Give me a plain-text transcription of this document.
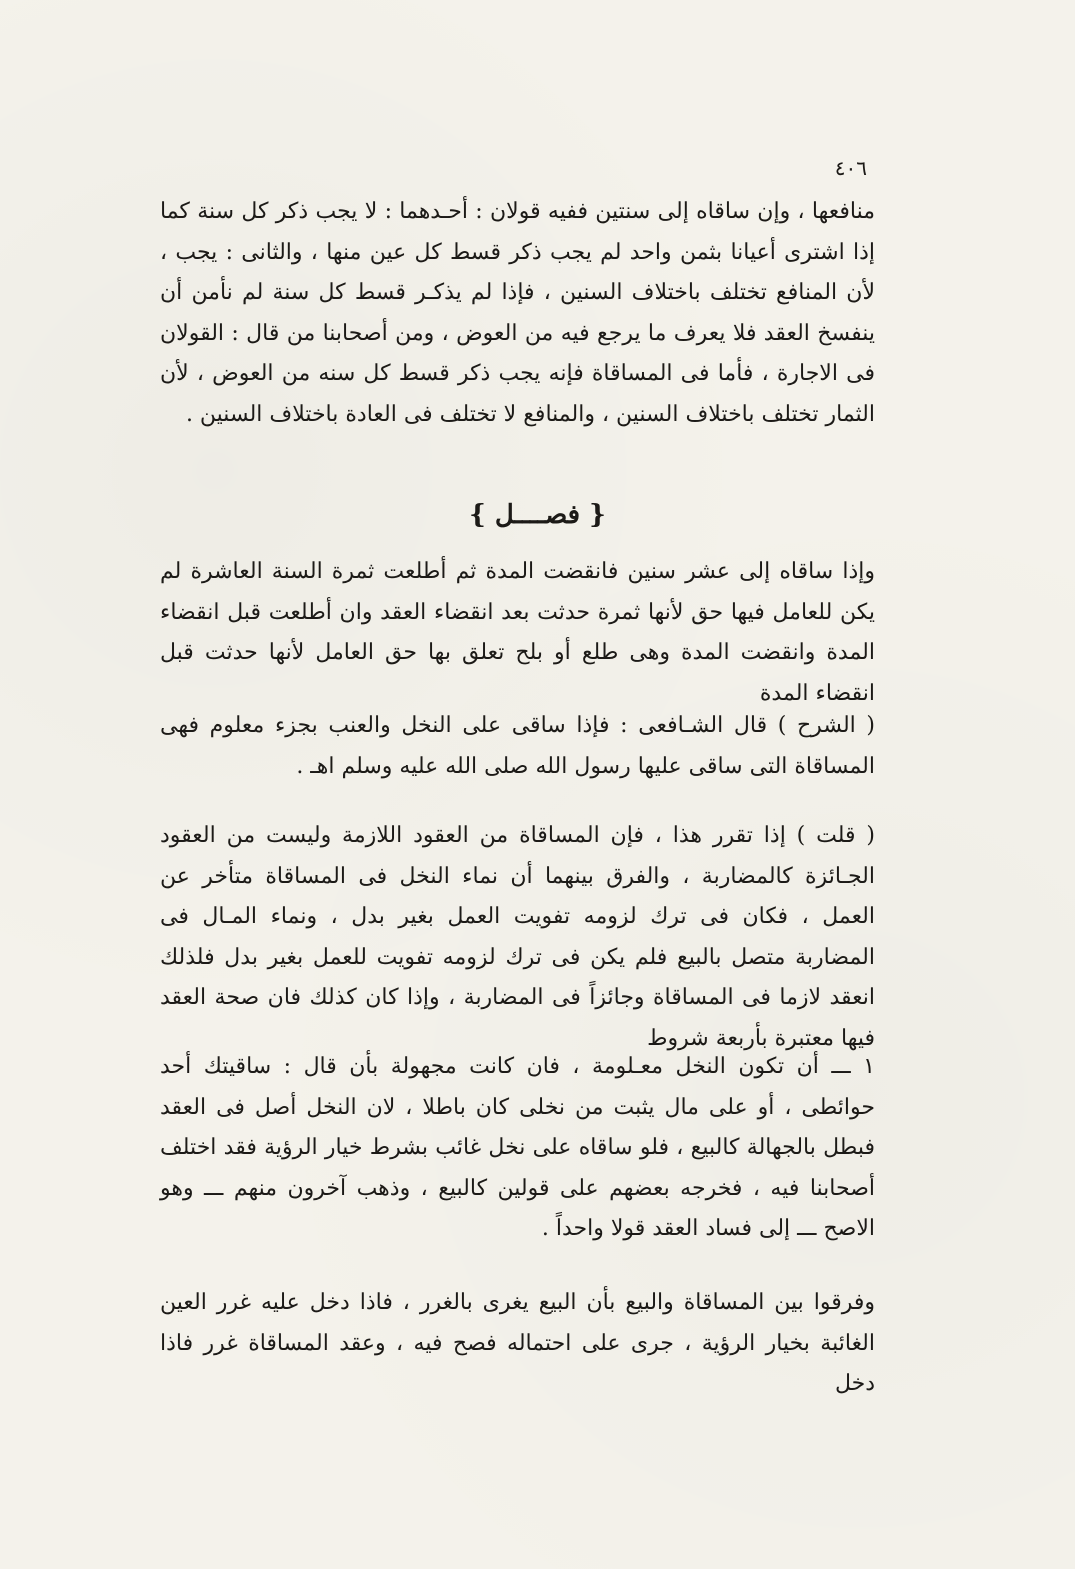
٤٠٦

منافعها ، وإن ساقاه إلى سنتين ففيه قولان : أحـدهما : لا يجب ذكر كل سنة كما إذا اشترى أعيانا بثمن واحد لم يجب ذكر قسط كل عين منها ، والثانى : يجب ، لأن المنافع تختلف باختلاف السنين ، فإذا لم يذكـر قسط كل سنة لم نأمن أن ينفسخ العقد فلا يعرف ما يرجع فيه من العوض ، ومن أصحابنا من قال : القولان فى الاجارة ، فأما فى المساقاة فإنه يجب ذكر قسط كل سنه من العوض ، لأن الثمار تختلف باختلاف السنين ، والمنافع لا تختلف فى العادة باختلاف السنين .

{ فصــــل }

وإذا ساقاه إلى عشر سنين فانقضت المدة ثم أطلعت ثمرة السنة العاشرة لم يكن للعامل فيها حق لأنها ثمرة حدثت بعد انقضاء العقد وان أطلعت قبل انقضاء المدة وانقضت المدة وهى طلع أو بلح تعلق بها حق العامل لأنها حدثت قبل انقضاء المدة

( الشرح ) قال الشـافعى : فإذا ساقى على النخل والعنب بجزء معلوم فهى المساقاة التى ساقى عليها رسول الله صلى الله عليه وسلم اهـ .

( قلت ) إذا تقرر هذا ، فإن المساقاة من العقود اللازمة وليست من العقود الجـائزة كالمضاربة ، والفرق بينهما أن نماء النخل فى المساقاة متأخر عن العمل ، فكان فى ترك لزومه تفويت العمل بغير بدل ، ونماء المـال فى المضاربة متصل بالبيع فلم يكن فى ترك لزومه تفويت للعمل بغير بدل فلذلك انعقد لازما فى المساقاة وجائزاً فى المضاربة ، وإذا كان كذلك فان صحة العقد فيها معتبرة بأربعة شروط

١ ـــ أن تكون النخل معـلومة ، فان كانت مجهولة بأن قال : ساقيتك أحد حوائطى ، أو على مال يثبت من نخلى كان باطلا ، لان النخل أصل فى العقد فبطل بالجهالة كالبيع ، فلو ساقاه على نخل غائب بشرط خيار الرؤية فقد اختلف أصحابنا فيه ، فخرجه بعضهم على قولين كالبيع ، وذهب آخرون منهم ـــ وهو الاصح ـــ إلى فساد العقد قولا واحداً .

وفرقوا بين المساقاة والبيع بأن البيع يغرى بالغرر ، فاذا دخل عليه غرر العين الغائبة بخيار الرؤية ، جرى على احتماله فصح فيه ، وعقد المساقاة غرر فاذا دخل
